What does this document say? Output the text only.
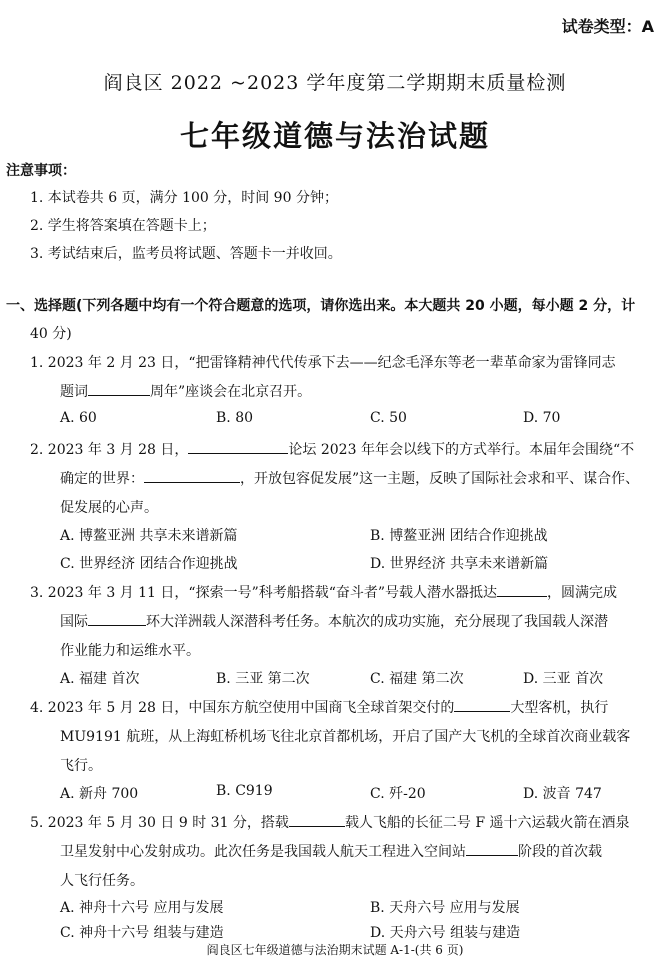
试卷类型：A
阎良区 2022 ~2023 学年度第二学期期末质量检测
七年级道德与法治试题
注意事项：
1. 本试卷共 6 页，满分 100 分，时间 90 分钟；
2. 学生将答案填在答题卡上；
3. 考试结束后，监考员将试题、答题卡一并收回。
一、选择题(下列各题中均有一个符合题意的选项，请你选出来。本大题共 20 小题，每小题 2 分，计
40 分)
1. 2023 年 2 月 23 日，“把雷锋精神代代传承下去——纪念毛泽东等老一辈革命家为雷锋同志
题词	周年”座谈会在北京召开。
A. 60	B. 80	C. 50	D. 70
2. 2023 年 3 月 28 日，	论坛 2023 年年会以线下的方式举行。本届年会围绕“不
确定的世界：	，开放包容促发展”这一主题，反映了国际社会求和平、谋合作、
促发展的心声。
A. 博鳌亚洲 共享未来谱新篇	B. 博鳌亚洲 团结合作迎挑战
C. 世界经济 团结合作迎挑战	D. 世界经济 共享未来谱新篇
3. 2023 年 3 月 11 日，“探索一号”科考船搭载“奋斗者”号载人潜水器抵达	，圆满完成
国际	环大洋洲载人深潜科考任务。本航次的成功实施，充分展现了我国载人深潜
作业能力和运维水平。
A. 福建 首次	B. 三亚 第二次	C. 福建 第二次	D. 三亚 首次
4. 2023 年 5 月 28 日，中国东方航空使用中国商飞全球首架交付的	大型客机，执行
MU9191 航班，从上海虹桥机场飞往北京首都机场，开启了国产大飞机的全球首次商业载客
飞行。
A. 新舟 700	B. C919	C. 歼-20	D. 波音 747
5. 2023 年 5 月 30 日 9 时 31 分，搭载	载人飞船的长征二号 F 遥十六运载火箭在酒泉
卫星发射中心发射成功。此次任务是我国载人航天工程进入空间站	阶段的首次载
人飞行任务。
A. 神舟十六号 应用与发展	B. 天舟六号 应用与发展
C. 神舟十六号 组装与建造	D. 天舟六号 组装与建造
阎良区七年级道德与法治期末试题 A-1-(共 6 页)
